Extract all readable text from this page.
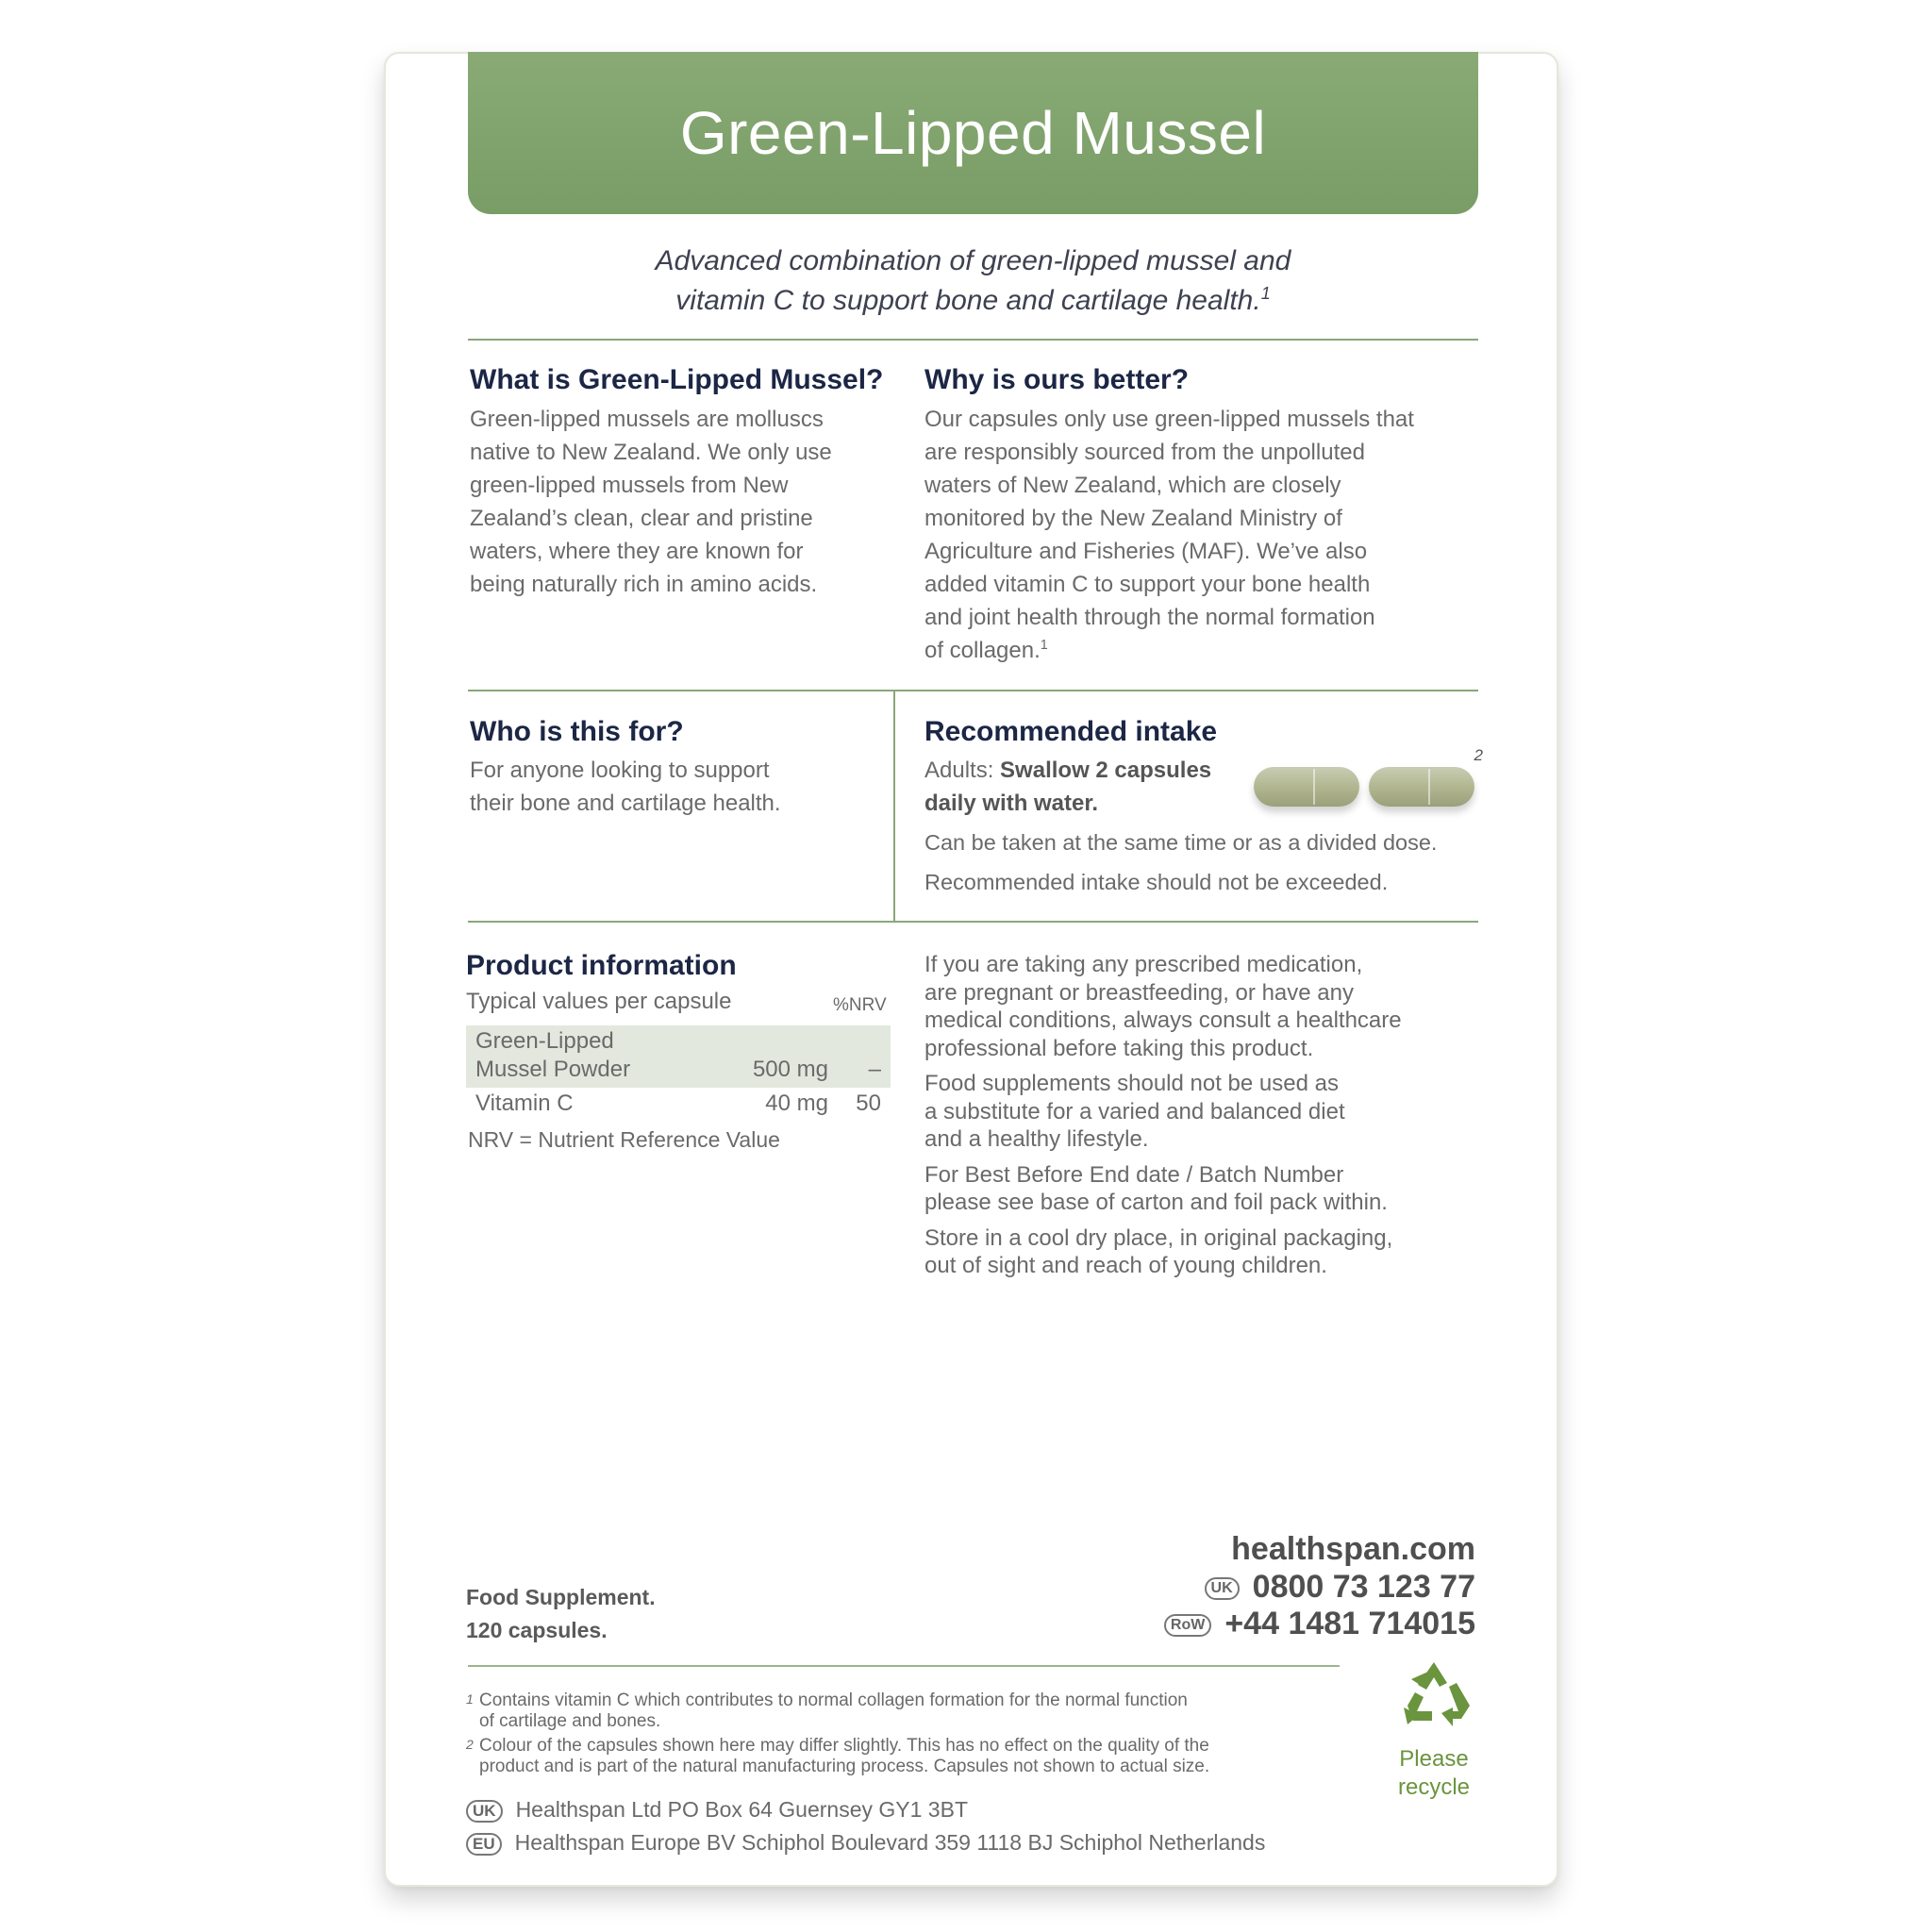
Green-Lipped Mussel
Advanced combination of green-lipped mussel and
vitamin C to support bone and cartilage health.$^1$
What is Green-Lipped Mussel?
Green-lipped mussels are molluscs
native to New Zealand. We only use
green-lipped mussels from New
Zealand’s clean, clear and pristine
waters, where they are known for
being naturally rich in amino acids.
Why is ours better?
Our capsules only use green-lipped mussels that
are responsibly sourced from the unpolluted
waters of New Zealand, which are closely
monitored by the New Zealand Ministry of
Agriculture and Fisheries (MAF). We’ve also
added vitamin C to support your bone health
and joint health through the normal formation
of collagen.$^1$
Who is this for?
For anyone looking to support
their bone and cartilage health.
Recommended intake
Adults: Swallow 2 capsules
daily with water.
2
Can be taken at the same time or as a divided dose.
Recommended intake should not be exceeded.
Product information
Typical values per capsule	%NRV
Green-Lipped
Mussel Powder	500 mg –
Vitamin C	40 mg 50
NRV = Nutrient Reference Value

If you are taking any prescribed medication,
are pregnant or breastfeeding, or have any
medical conditions, always consult a healthcare
professional before taking this product.

Food supplements should not be used as
a substitute for a varied and balanced diet
and a healthy lifestyle.

For Best Before End date / Batch Number
please see base of carton and foil pack within.

Store in a cool dry place, in original packaging,
out of sight and reach of young children.

Food Supplement.
120 capsules.
healthspan.com
UK 0800 73 123 77
RoW +44 1481 714015
1 Contains vitamin C which contributes to normal collagen formation for the normal function
of cartilage and bones.
2 Colour of the capsules shown here may differ slightly. This has no effect on the quality of the
product and is part of the natural manufacturing process. Capsules not shown to actual size.	Please
recycle
UK Healthspan Ltd PO Box 64 Guernsey GY1 3BT
EU Healthspan Europe BV Schiphol Boulevard 359 1118 BJ Schiphol Netherlands
